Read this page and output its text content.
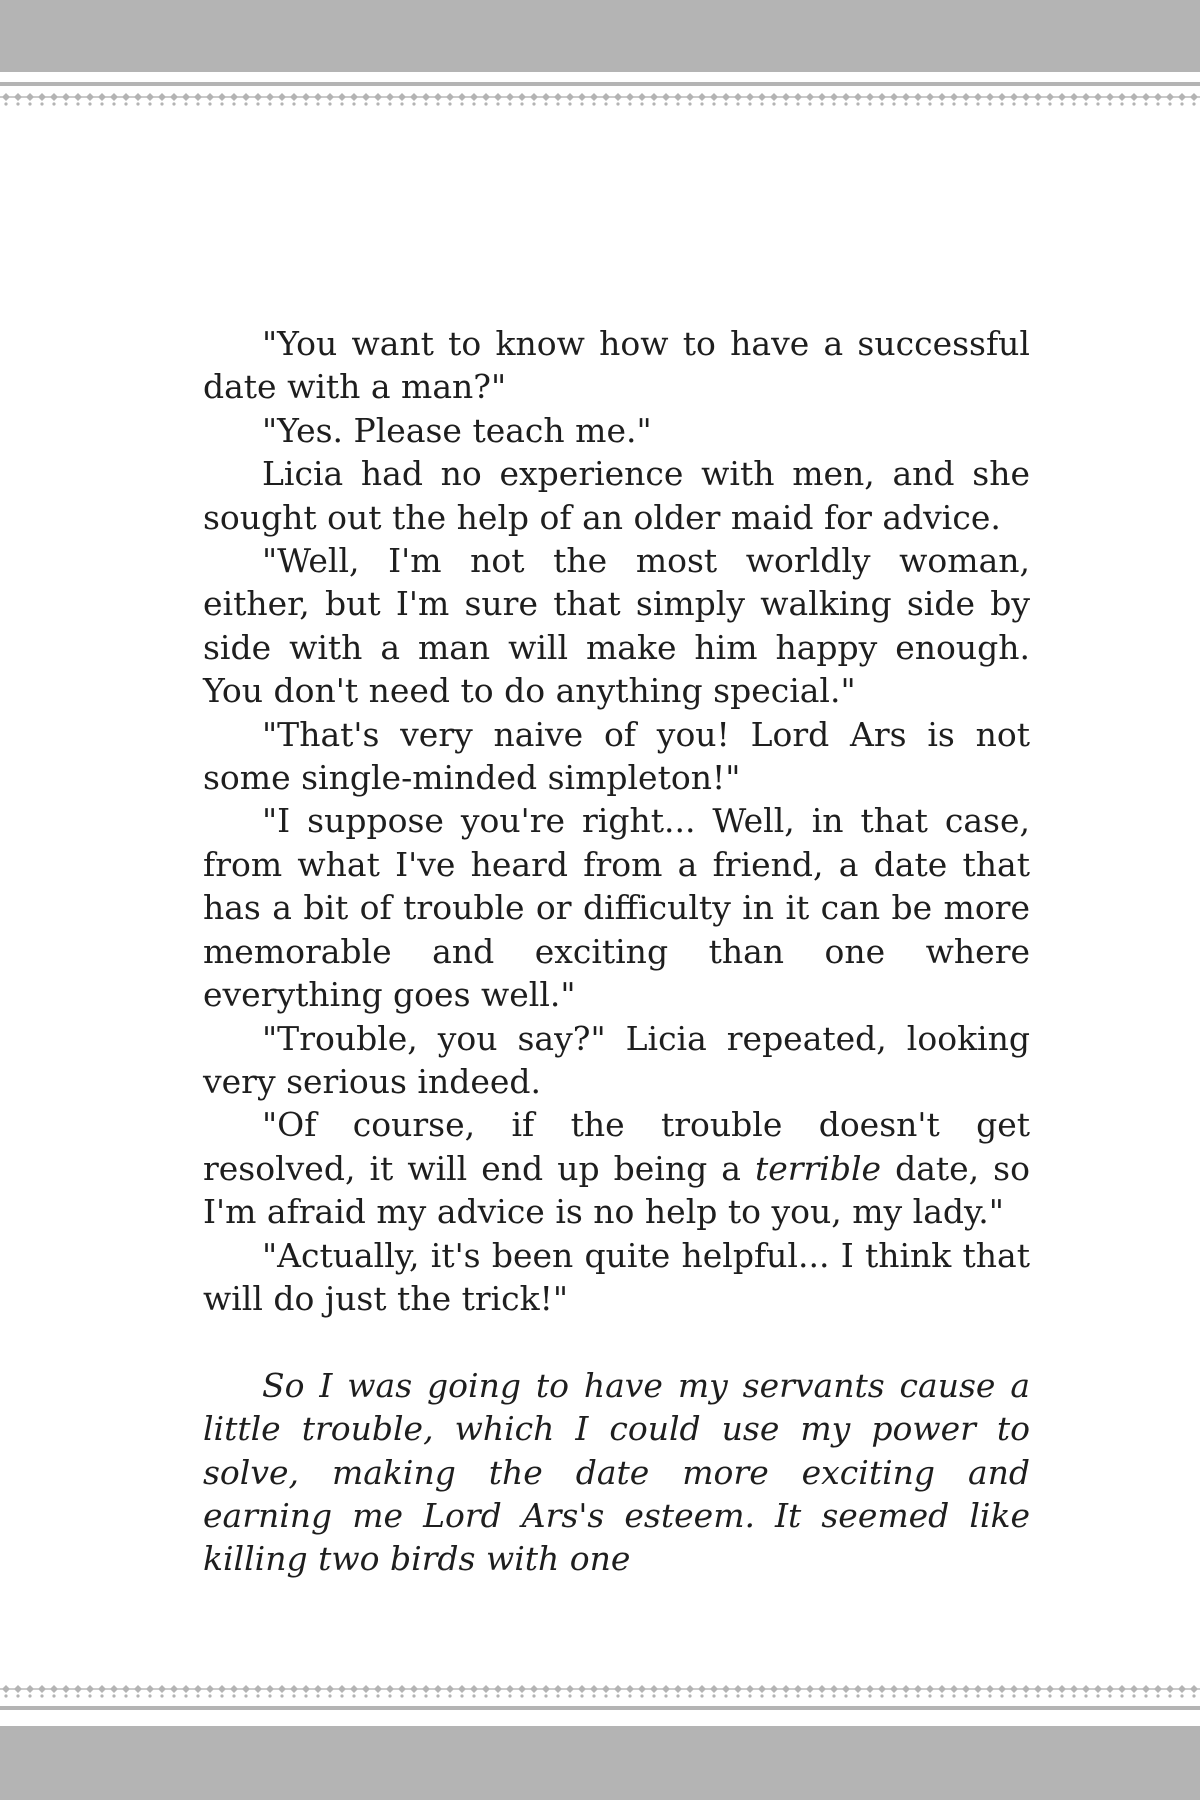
"You want to know how to have a successful date with a man?"

"Yes. Please teach me."

Licia had no experience with men, and she sought out the help of an older maid for advice.

"Well, I'm not the most worldly woman, either, but I'm sure that simply walking side by side with a man will make him happy enough. You don't need to do anything special."

"That's very naive of you! Lord Ars is not some single-minded simpleton!"

"I suppose you're right... Well, in that case, from what I've heard from a friend, a date that has a bit of trouble or difficulty in it can be more memorable and exciting than one where everything goes well."

"Trouble, you say?" Licia repeated, looking very serious indeed.

"Of course, if the trouble doesn't get resolved, it will end up being a terrible date, so I'm afraid my advice is no help to you, my lady."

"Actually, it's been quite helpful... I think that will do just the trick!"

So I was going to have my servants cause a little trouble, which I could use my power to solve, making the date more exciting and earning me Lord Ars's esteem. It seemed like killing two birds with one
